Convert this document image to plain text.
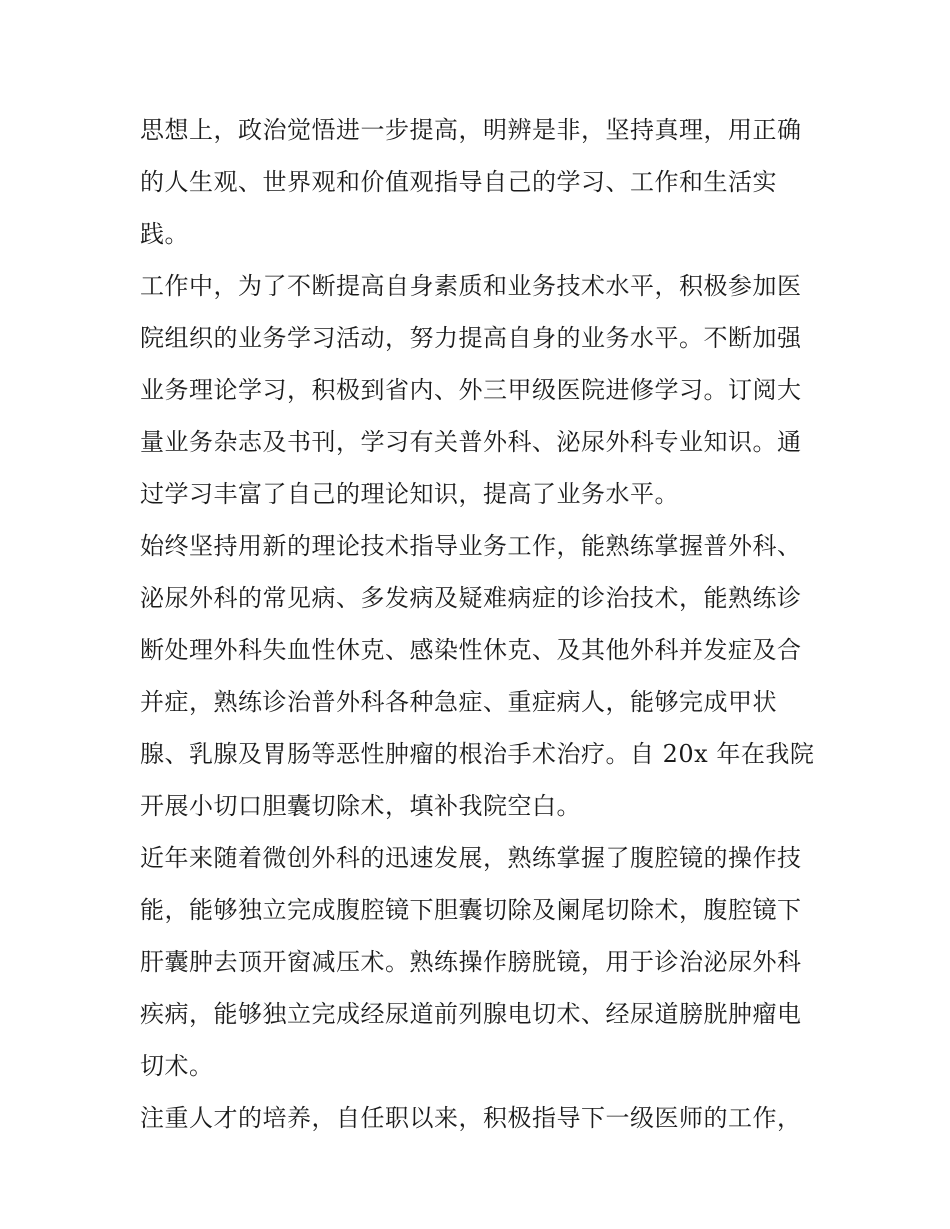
思想上，政治觉悟进一步提高，明辨是非，坚持真理，用正确
的人生观、世界观和价值观指导自己的学习、工作和生活实
践。

工作中，为了不断提高自身素质和业务技术水平，积极参加医
院组织的业务学习活动，努力提高自身的业务水平。不断加强
业务理论学习，积极到省内、外三甲级医院进修学习。订阅大
量业务杂志及书刊，学习有关普外科、泌尿外科专业知识。通
过学习丰富了自己的理论知识，提高了业务水平。

始终坚持用新的理论技术指导业务工作，能熟练掌握普外科、
泌尿外科的常见病、多发病及疑难病症的诊治技术，能熟练诊
断处理外科失血性休克、感染性休克、及其他外科并发症及合
并症，熟练诊治普外科各种急症、重症病人，能够完成甲状
腺、乳腺及胃肠等恶性肿瘤的根治手术治疗。自 20x 年在我院
开展小切口胆囊切除术，填补我院空白。

近年来随着微创外科的迅速发展，熟练掌握了腹腔镜的操作技
能，能够独立完成腹腔镜下胆囊切除及阑尾切除术，腹腔镜下
肝囊肿去顶开窗减压术。熟练操作膀胱镜，用于诊治泌尿外科
疾病，能够独立完成经尿道前列腺电切术、经尿道膀胱肿瘤电
切术。

注重人才的培养，自任职以来，积极指导下一级医师的工作，
